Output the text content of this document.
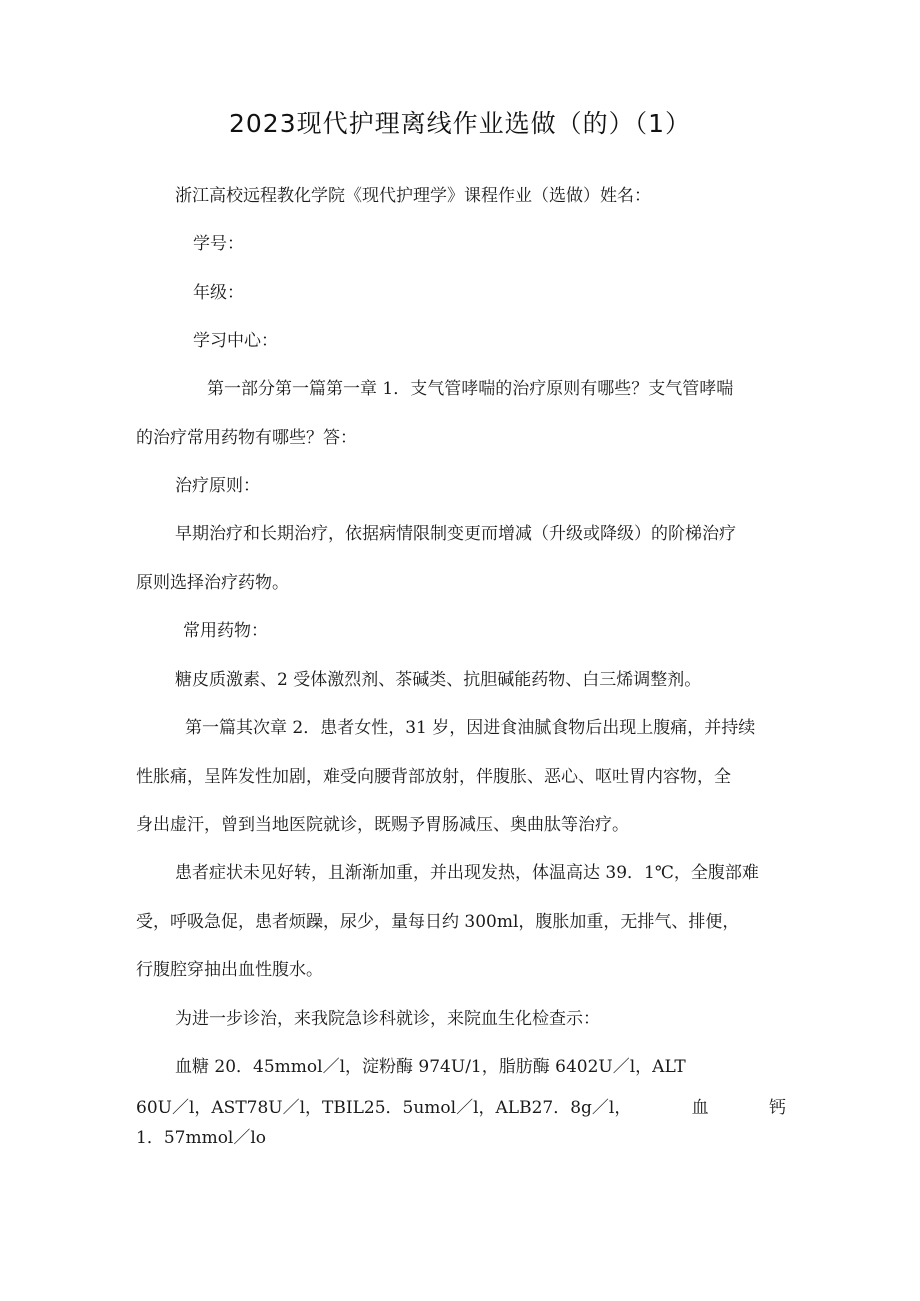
2023现代护理离线作业选做（的）（1）
浙江高校远程教化学院《现代护理学》课程作业（选做）姓名：
学号：
年级：
学习中心：
第一部分第一篇第一章 1．支气管哮喘的治疗原则有哪些？支气管哮喘
的治疗常用药物有哪些？答：
治疗原则：
早期治疗和长期治疗，依据病情限制变更而增减（升级或降级）的阶梯治疗
原则选择治疗药物。
常用药物：
糖皮质激素、2 受体激烈剂、茶碱类、抗胆碱能药物、白三烯调整剂。
第一篇其次章 2．患者女性，31 岁，因进食油腻食物后出现上腹痛，并持续
性胀痛，呈阵发性加剧，难受向腰背部放射，伴腹胀、恶心、呕吐胃内容物，全
身出虚汗，曾到当地医院就诊，既赐予胃肠减压、奥曲肽等治疗。
患者症状未见好转，且渐渐加重，并出现发热，体温高达 39．1℃，全腹部难
受，呼吸急促，患者烦躁，尿少，量每日约 300ml，腹胀加重，无排气、排便，
行腹腔穿抽出血性腹水。
为进一步诊治，来我院急诊科就诊，来院血生化检查示：
血糖 20．45mmol／l，淀粉酶 974U/1，脂肪酶 6402U／l，ALT
60U／l，AST78U／l，TBIL25．5umol／l，ALB27．8g／l，	血	钙
1．57mmol／lo
